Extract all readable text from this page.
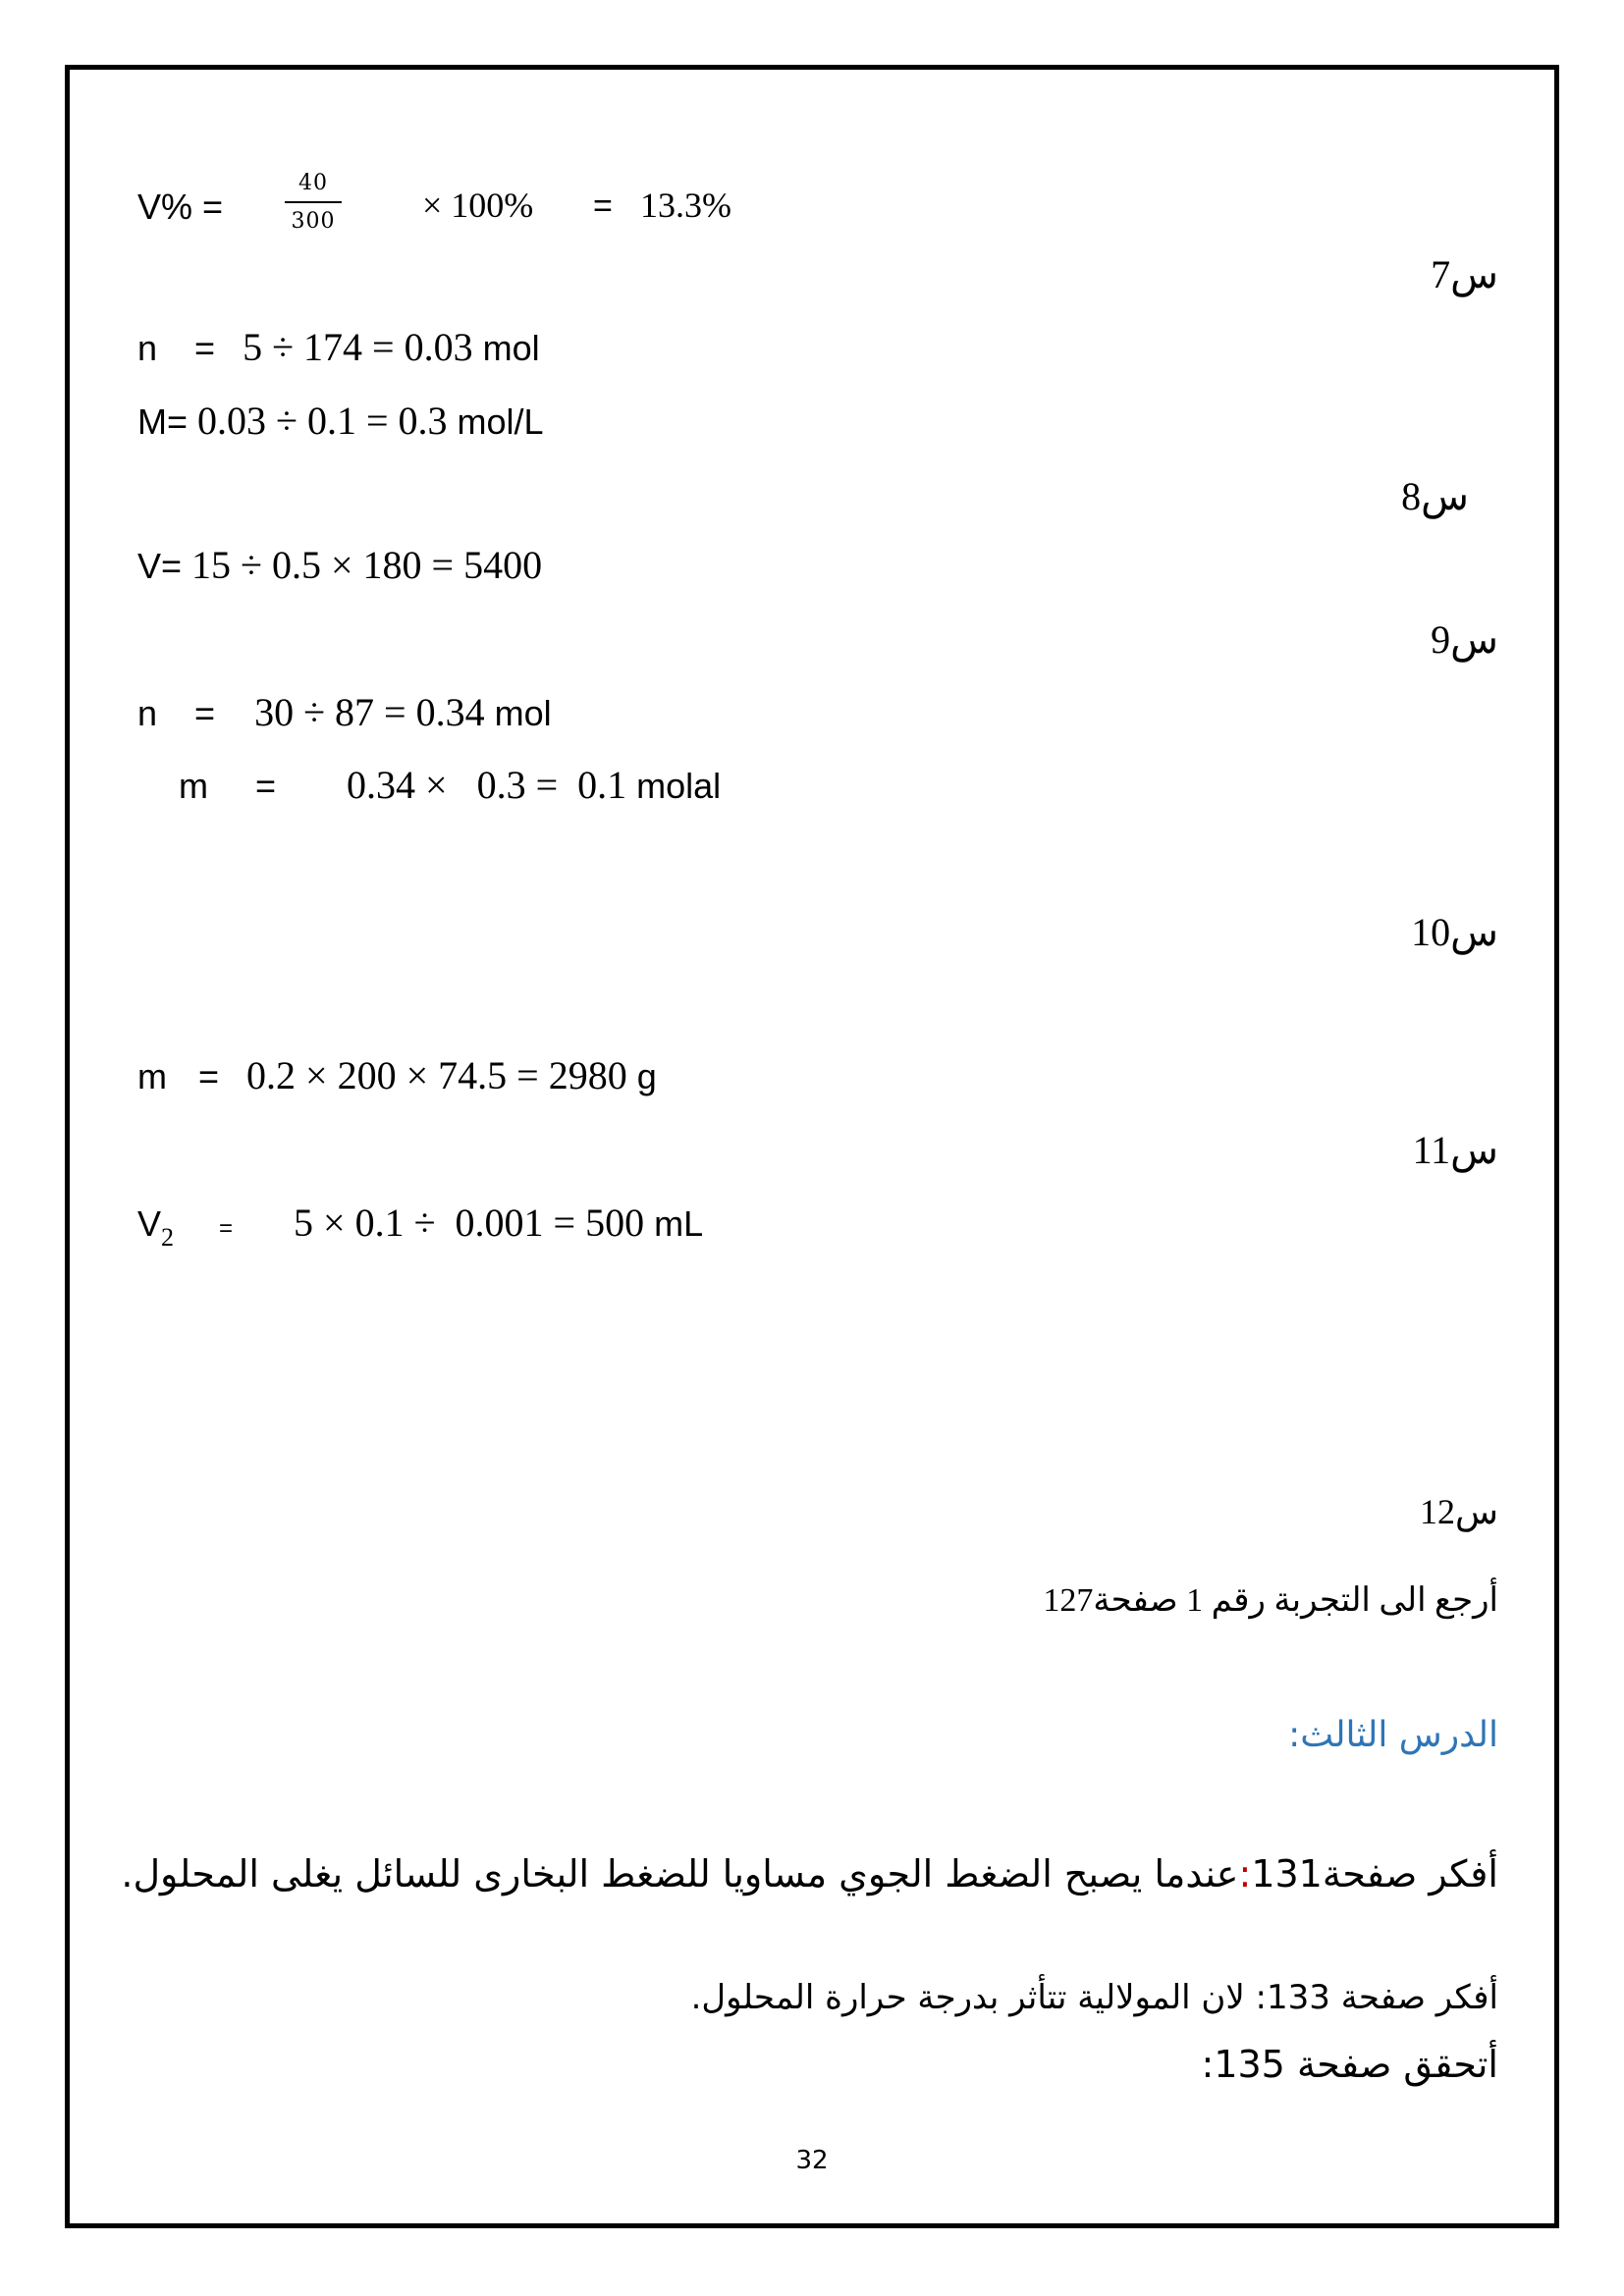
V% =
40
300 × 100% = 13.3%
س7
n = 5 ÷ 174 = 0.03 mol
M= 0.03 ÷ 0.1 = 0.3 mol/L
س8
V= 15 ÷ 0.5 × 180 = 5400
س9
n = 30 ÷ 87 = 0.34 mol
m = 0.34 ×   0.3 =  0.1 molal
س10
m = 0.2 × 200 × 74.5 = 2980 g
س11
$V_2 = 5 \times 0.1 \div 0.001 = 500$ mL
س12
أرجع الى التجربة رقم 1 صفحة127
الدرس الثالث:
أفكر صفحة131:عندما يصبح الضغط الجوي مساويا للضغط البخارى للسائل يغلى المحلول.
أفكر صفحة 133: لان المولالية تتأثر بدرجة حرارة المحلول.
أتحقق صفحة 135:
32
